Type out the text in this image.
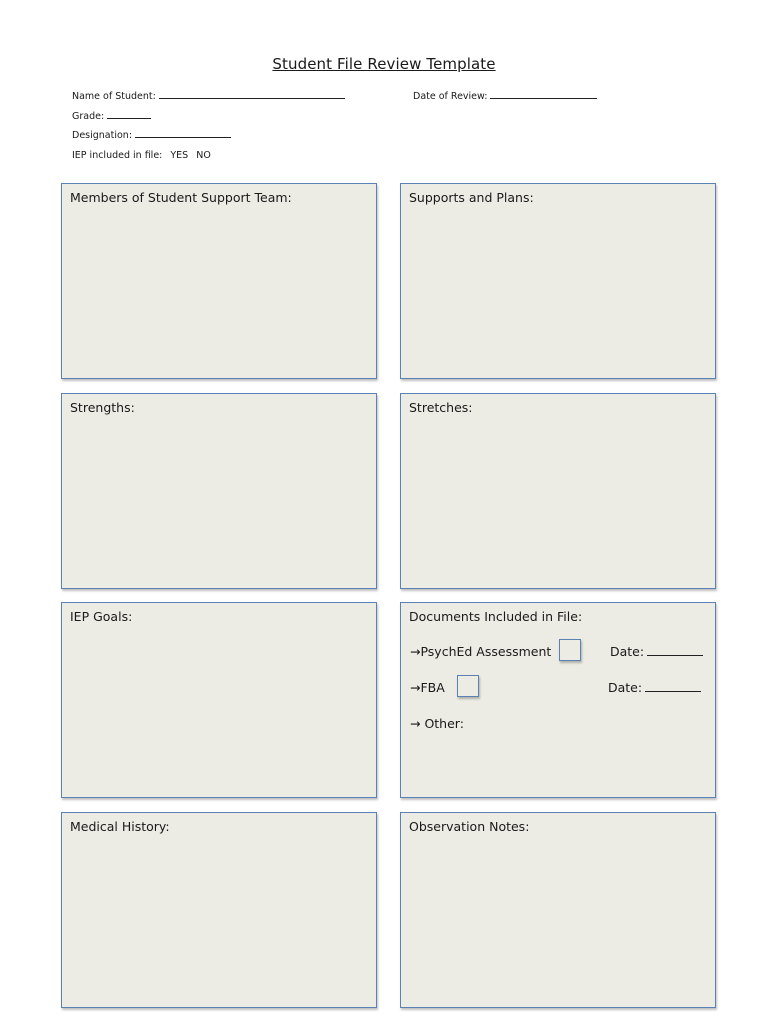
Student File Review Template
Name of Student:	Date of Review:
Grade:
Designation:
IEP included in file: YES NO
Members of Student Support Team:	Supports and Plans:
Strengths:	Stretches:
IEP Goals:	Documents Included in File:
→PsychEd Assessment	Date:
→FBA	Date:
→ Other:
Medical History:	Observation Notes:
